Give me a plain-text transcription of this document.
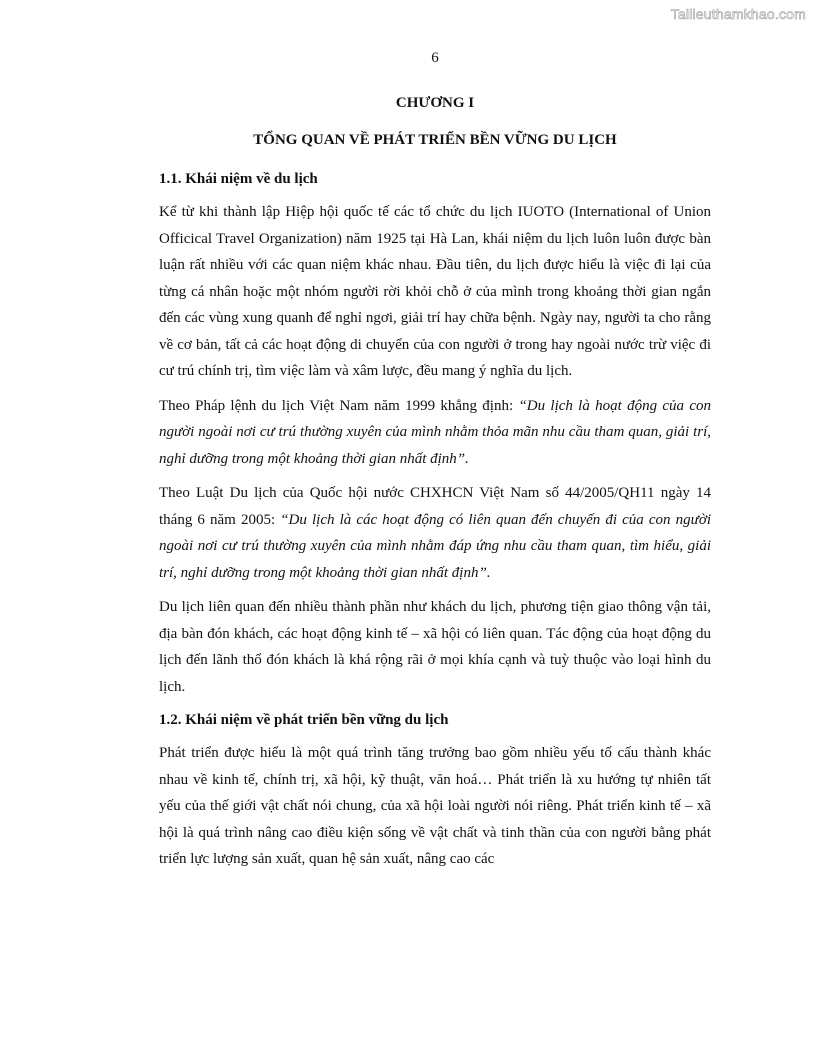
Tailieuthamkhao.com
6
CHƯƠNG I
TỔNG QUAN VỀ PHÁT TRIỂN BỀN VỮNG DU LỊCH
1.1. Khái niệm về du lịch

Kể từ khi thành lập Hiệp hội quốc tế các tổ chức du lịch IUOTO (International of Union Officical Travel Organization) năm 1925 tại Hà Lan, khái niệm du lịch luôn luôn được bàn luận rất nhiều với các quan niệm khác nhau. Đầu tiên, du lịch được hiểu là việc đi lại của từng cá nhân hoặc một nhóm người rời khỏi chỗ ở của mình trong khoảng thời gian ngắn đến các vùng xung quanh để nghỉ ngơi, giải trí hay chữa bệnh. Ngày nay, người ta cho rằng về cơ bản, tất cả các hoạt động di chuyển của con người ở trong hay ngoài nước trừ việc đi cư trú chính trị, tìm việc làm và xâm lược, đều mang ý nghĩa du lịch.

Theo Pháp lệnh du lịch Việt Nam năm 1999 khẳng định: “Du lịch là hoạt động của con người ngoài nơi cư trú thường xuyên của mình nhằm thỏa mãn nhu cầu tham quan, giải trí, nghỉ dưỡng trong một khoảng thời gian nhất định”.

Theo Luật Du lịch của Quốc hội nước CHXHCN Việt Nam số 44/2005/QH11 ngày 14 tháng 6 năm 2005: “Du lịch là các hoạt động có liên quan đến chuyến đi của con người ngoài nơi cư trú thường xuyên của mình nhằm đáp ứng nhu cầu tham quan, tìm hiểu, giải trí, nghỉ dưỡng trong một khoảng thời gian nhất định”.

Du lịch liên quan đến nhiều thành phần như khách du lịch, phương tiện giao thông vận tải, địa bàn đón khách, các hoạt động kinh tế – xã hội có liên quan. Tác động của hoạt động du lịch đến lãnh thổ đón khách là khá rộng rãi ở mọi khía cạnh và tuỳ thuộc vào loại hình du lịch.

1.2. Khái niệm về phát triển bền vững du lịch

Phát triển được hiểu là một quá trình tăng trưởng bao gồm nhiều yếu tố cấu thành khác nhau về kinh tế, chính trị, xã hội, kỹ thuật, văn hoá… Phát triển là xu hướng tự nhiên tất yếu của thế giới vật chất nói chung, của xã hội loài người nói riêng. Phát triển kinh tế – xã hội là quá trình nâng cao điều kiện sống về vật chất và tinh thần của con người bằng phát triển lực lượng sản xuất, quan hệ sản xuất, nâng cao các
